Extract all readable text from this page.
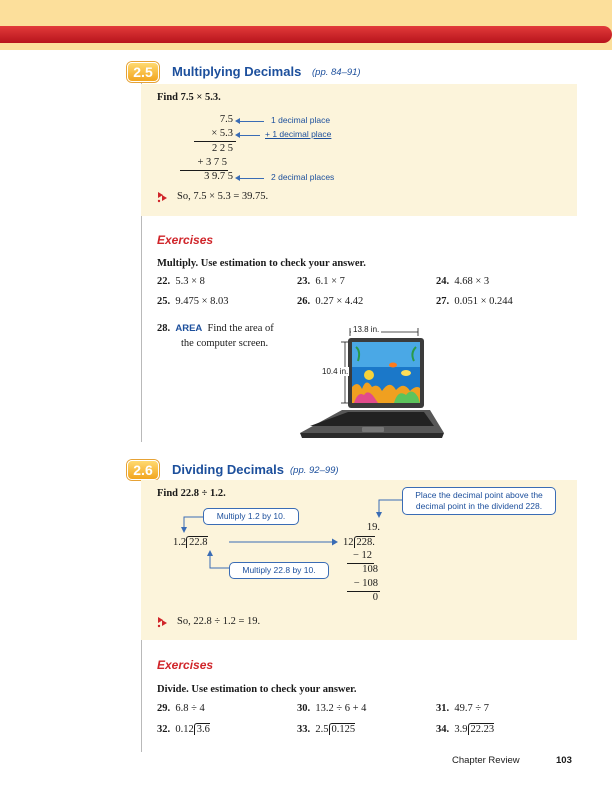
2.5	Multiplying Decimals (pp. 84–91)
Find 7.5 × 5.3.
7.5
× 5.3
2 2 5
+ 3 7 5
3 9.7 5
1 decimal place
+ 1 decimal place
2 decimal places
So, 7.5 × 5.3 = 39.75.
Exercises
Multiply. Use estimation to check your answer.
22. 5.3 × 8	23. 6.1 × 7	24. 4.68 × 3
25. 9.475 × 8.03	26. 0.27 × 4.42	27. 0.051 × 0.244
28. AREA Find the area of
the computer screen.
13.8 in.
10.4 in.
2.6	Dividing Decimals (pp. 92–99)
Find 22.8 ÷ 1.2.
Multiply 1.2 by 10.
1.2 22.8
Multiply 22.8 by 10.
Place the decimal point above the
decimal point in the dividend 228.
19.
12 228.
− 12
108
− 108
0
So, 22.8 ÷ 1.2 = 19.
Exercises
Divide. Use estimation to check your answer.
29. 6.8 ÷ 4	30. 13.2 ÷ 6 + 4	31. 49.7 ÷ 7
32. 0.12 3.6	33. 2.5 0.125	34. 3.9 22.23
Chapter Review	103
